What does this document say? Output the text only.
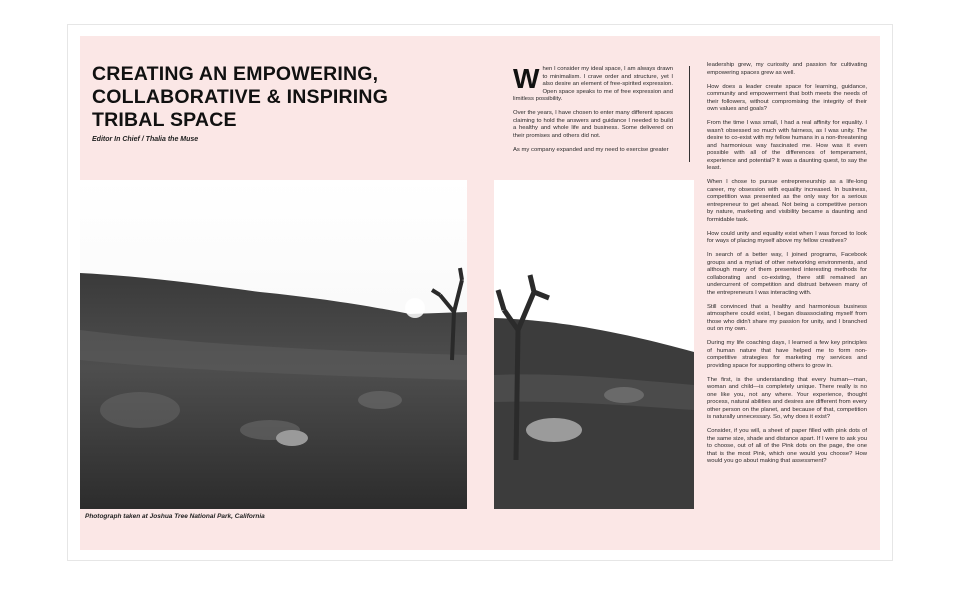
CREATING AN EMPOWERING, COLLABORATIVE & INSPIRING TRIBAL SPACE
Editor In Chief / Thalia the Muse
Photograph taken at Joshua Tree National Park, California

When I consider my ideal space, I am always drawn to minimalism. I crave order and structure, yet I also desire an element of free-spirited expression. Open space speaks to me of free expression and limitless possibility.

Over the years, I have chosen to enter many different spaces claiming to hold the answers and guidance I needed to build a healthy and whole life and business. Some delivered on their promises and others did not.

As my company expanded and my need to exercise greater

leadership grew, my curiosity and passion for cultivating empowering spaces grew as well.

How does a leader create space for learning, guidance, community and empowerment that both meets the needs of their followers, without compromising the integrity of their own values and goals?

From the time I was small, I had a real affinity for equality. I wasn't obsessed so much with fairness, as I was unity. The desire to co-exist with my fellow humans in a non-threatening and harmonious way fascinated me. How was it even possible with all of the differences of temperament, experience and potential? It was a daunting quest, to say the least.

When I chose to pursue entrepreneurship as a life-long career, my obsession with equality increased. In business, competition was presented as the only way for a serious entrepreneur to get ahead. Not being a competitive person by nature, marketing and visibility became a daunting and formidable task.

How could unity and equality exist when I was forced to look for ways of placing myself above my fellow creatives?

In search of a better way, I joined programs, Facebook groups and a myriad of other networking environments, and although many of them presented interesting methods for collaborating and co-existing, there still remained an undercurrent of competition and distrust between many of the entrepreneurs I was interacting with.

Still convinced that a healthy and harmonious business atmosphere could exist, I began disassociating myself from those who didn't share my passion for unity, and I branched out on my own.

During my life coaching days, I learned a few key principles of human nature that have helped me to form non-competitive strategies for marketing my services and providing space for supporting others to grow in.

The first, is the understanding that every human—man, woman and child—is completely unique. There really is no one like you, not any where. Your experience, thought process, natural abilities and desires are different from every other person on the planet, and because of that, competition is naturally unnecessary. So, why does it exist?

Consider, if you will, a sheet of paper filled with pink dots of the same size, shade and distance apart. If I were to ask you to choose, out of all of the Pink dots on the page, the one that is the most Pink, which one would you choose? How would you go about making that assessment?
